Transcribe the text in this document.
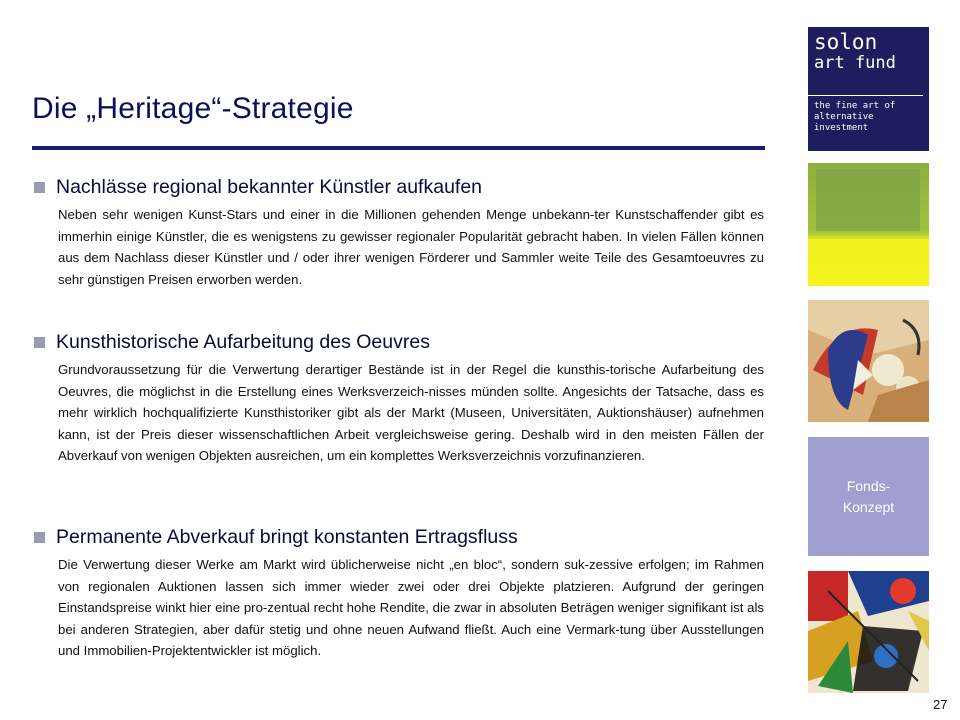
Die „Heritage“-Strategie
Nachlässe regional bekannter Künstler aufkaufen
Neben sehr wenigen Kunst-Stars und einer in die Millionen gehenden Menge unbekann-ter Kunstschaffender gibt es immerhin einige Künstler, die es wenigstens zu gewisser regionaler Popularität gebracht haben. In vielen Fällen können aus dem Nachlass dieser Künstler und / oder ihrer wenigen Förderer und Sammler weite Teile des Gesamtoeuvres zu sehr günstigen Preisen erworben werden.
Kunsthistorische Aufarbeitung des Oeuvres
Grundvoraussetzung für die Verwertung derartiger Bestände ist in der Regel die kunsthis-torische Aufarbeitung des Oeuvres, die möglichst in die Erstellung eines Werksverzeich-nisses münden sollte. Angesichts der Tatsache, dass es mehr wirklich hochqualifizierte Kunsthistoriker gibt als der Markt (Museen, Universitäten, Auktionshäuser) aufnehmen kann, ist der Preis dieser wissenschaftlichen Arbeit vergleichsweise gering. Deshalb wird in den meisten Fällen der Abverkauf von wenigen Objekten ausreichen, um ein komplettes Werksverzeichnis vorzufinanzieren.
Permanente Abverkauf bringt konstanten Ertragsfluss
Die Verwertung dieser Werke am Markt wird üblicherweise nicht „en bloc“, sondern suk-zessive erfolgen; im Rahmen von regionalen Auktionen lassen sich immer wieder zwei oder drei Objekte platzieren. Aufgrund der geringen Einstandspreise winkt hier eine pro-zentual recht hohe Rendite, die zwar in absoluten Beträgen weniger signifikant ist als bei anderen Strategien, aber dafür stetig und ohne neuen Aufwand fließt. Auch eine Vermark-tung über Ausstellungen und Immobilien-Projektentwickler ist möglich.
solon
art fund
the fine art of
alternative investment
Fonds-
Konzept
27
